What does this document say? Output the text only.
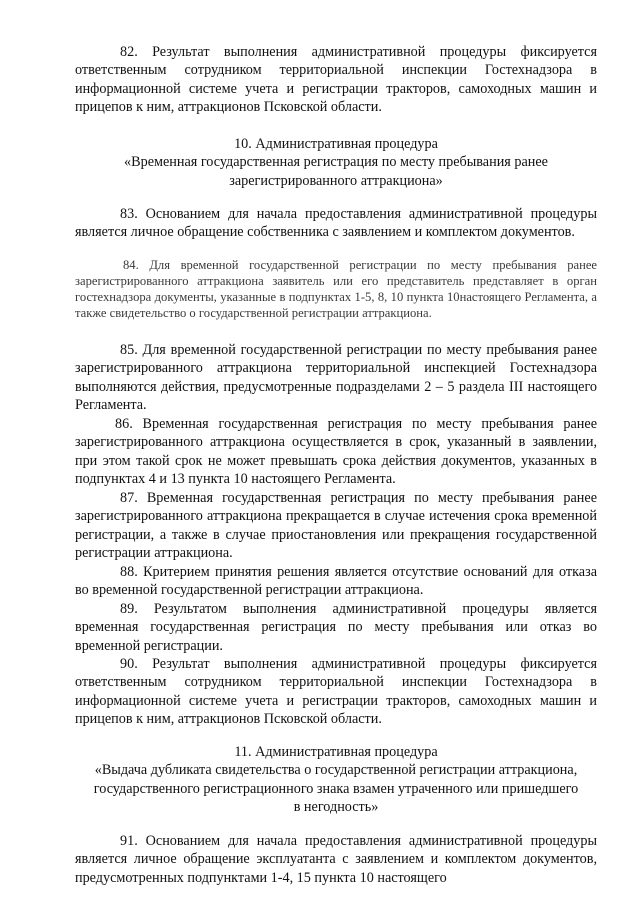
82. Результат выполнения административной процедуры фиксируется ответственным сотрудником территориальной инспекции Гостехнадзора в информационной системе учета и регистрации тракторов, самоходных машин и прицепов к ним, аттракционов Псковской области.

10. Административная процедура
«Временная государственная регистрация по месту пребывания ранее
зарегистрированного аттракциона»

83. Основанием для начала предоставления административной процедуры является личное обращение собственника с заявлением и комплектом документов.

84. Для временной государственной регистрации по месту пребывания ранее зарегистрированного аттракциона заявитель или его представитель представляет в орган гостехнадзора документы, указанные в подпунктах 1-5, 8, 10 пункта 10настоящего Регламента, а также свидетельство о государственной регистрации аттракциона.

85. Для временной государственной регистрации по месту пребывания ранее зарегистрированного аттракциона территориальной инспекцией Гостехнадзора выполняются действия, предусмотренные подразделами 2 – 5 раздела III настоящего Регламента.

86. Временная государственная регистрация по месту пребывания ранее зарегистрированного аттракциона осуществляется в срок, указанный в заявлении, при этом такой срок не может превышать срока действия документов, указанных в подпунктах 4 и 13 пункта 10 настоящего Регламента.

87. Временная государственная регистрация по месту пребывания ранее зарегистрированного аттракциона прекращается в случае истечения срока временной регистрации, а также в случае приостановления или прекращения государственной регистрации аттракциона.

88. Критерием принятия решения является отсутствие оснований для отказа во временной государственной регистрации аттракциона.

89. Результатом выполнения административной процедуры является временная государственная регистрация по месту пребывания или отказ во временной регистрации.

90. Результат выполнения административной процедуры фиксируется ответственным сотрудником территориальной инспекции Гостехнадзора в информационной системе учета и регистрации тракторов, самоходных машин и прицепов к ним, аттракционов Псковской области.

11. Административная процедура
«Выдача дубликата свидетельства о государственной регистрации аттракциона,
государственного регистрационного знака взамен утраченного или пришедшего
в негодность»

91. Основанием для начала предоставления административной процедуры является личное обращение эксплуатанта с заявлением и комплектом документов, предусмотренных подпунктами 1-4, 15 пункта 10 настоящего
